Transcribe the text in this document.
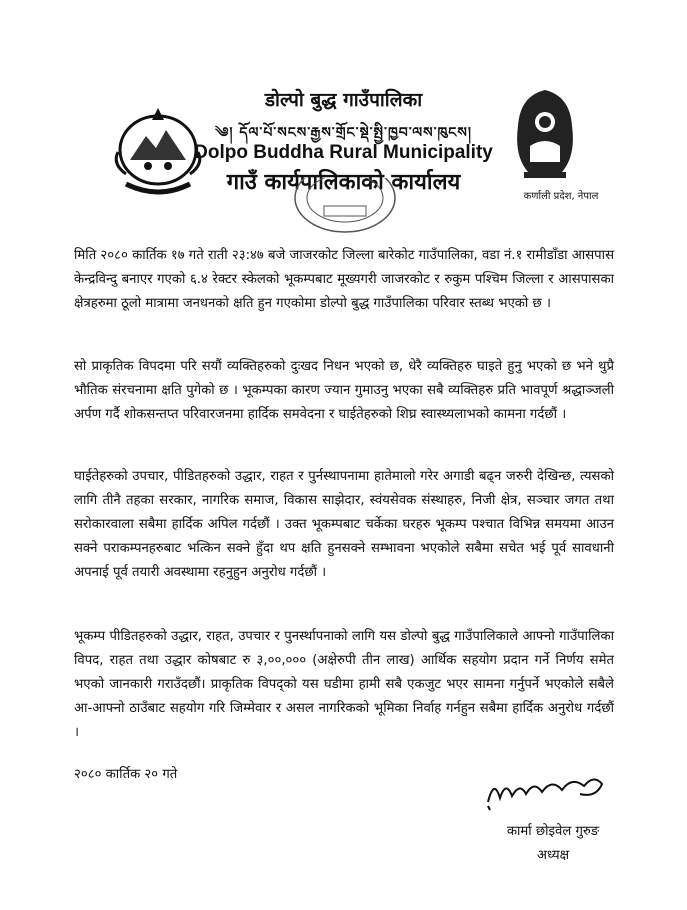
डोल्पो बुद्ध गाउँपालिका
༄། དོལ་པོ་སངས་རྒྱས་གྲོང་སྡེ་སྤྱི་ཁྱབ་ལས་ཁུངས།
Dolpo Buddha Rural Municipality
गाउँ कार्यपालिकाको कार्यालय
कर्णाली प्रदेश, नेपाल
मिति २०८० कार्तिक १७ गते राती २३:४७ बजे जाजरकोट जिल्ला बारेकोट गाउँपालिका, वडा नं.१ रामीडाँडा आसपास केन्द्रविन्दु बनाएर गएको ६.४ रेक्टर स्केलको भूकम्पबाट मूख्यगरी जाजरकोट र रुकुम पश्चिम जिल्ला र आसपासका क्षेत्रहरुमा ठूलो मात्रामा जनधनको क्षति हुन गएकोमा डोल्पो बुद्ध गाउँपालिका परिवार स्तब्ध भएको छ ।
सो प्राकृतिक विपदमा परि सयौं व्यक्तिहरुको दुःखद निधन भएको छ, धेरै व्यक्तिहरु घाइते हुनु भएको छ भने थुप्रै भौतिक संरचनामा क्षति पुगेको छ । भूकम्पका कारण ज्यान गुमाउनु भएका सबै व्यक्तिहरु प्रति भावपूर्ण श्रद्धाञ्जली अर्पण गर्दै शोकसन्तप्त परिवारजनमा हार्दिक समवेदना र घाईतेहरुको शिघ्र स्वास्थ्यलाभको कामना गर्दछौं ।
घाईतेहरुको उपचार, पीडितहरुको उद्धार, राहत र पुर्नस्थापनामा हातेमालो गरेर अगाडी बढ्न जरुरी देखिन्छ, त्यसको लागि तीनै तहका सरकार, नागरिक समाज, विकास साझेदार, स्वंयसेवक संस्थाहरु, निजी क्षेत्र, सञ्चार जगत तथा सरोकारवाला सबैमा हार्दिक अपिल गर्दछौं । उक्त भूकम्पबाट चर्केका घरहरु भूकम्प पश्चात विभिन्न समयमा आउन सक्ने पराकम्पनहरुबाट भत्किन सक्ने हुँदा थप क्षति हुनसक्ने सम्भावना भएकोले सबैमा सचेत भई पूर्व सावधानी अपनाई पूर्व तयारी अवस्थामा रहनुहुन अनुरोध गर्दछौं ।
भूकम्प पीडितहरुको उद्धार, राहत, उपचार र पुनर्स्थापनाको लागि यस डोल्पो बुद्ध गाउँपालिकाले आफ्नो गाउँपालिका विपद, राहत तथा उद्धार कोषबाट रु ३,००,००० (अक्षेरुपी तीन लाख) आर्थिक सहयोग प्रदान गर्ने निर्णय समेत भएको जानकारी गराउँदछौं। प्राकृतिक विपद्को यस घडीमा हामी सबै एकजुट भएर सामना गर्नुपर्ने भएकोले सबैले आ-आफ्नो ठाउँबाट सहयोग गरि जिम्मेवार र असल नागरिकको भूमिका निर्वाह गर्नहुन सबैमा हार्दिक अनुरोध गर्दछौं ।
२०८० कार्तिक २० गते
कार्मा छोइवेल गुरुङ
अध्यक्ष
